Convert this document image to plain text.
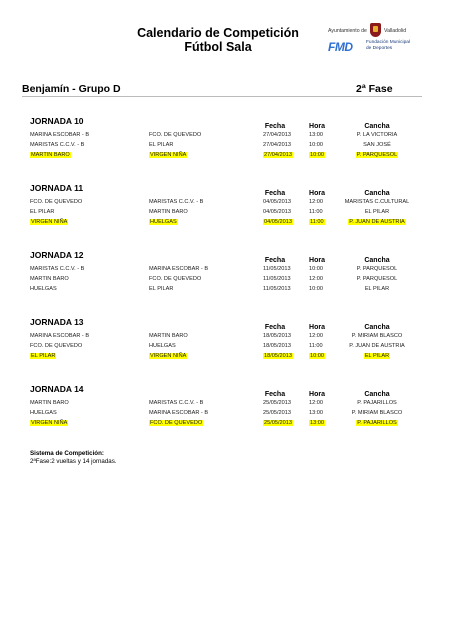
Calendario de Competición
Fútbol Sala
Ayuntamiento de	Valladolid
FMD	Fundación Municipal
de Deportes
Benjamín - Grupo D	2ª Fase
JORNADA 10
Fecha	Hora	Cancha
MARINA ESCOBAR - B	FCO. DE QUEVEDO	27/04/2013	13:00	P. LA VICTORIA
MARISTAS C.C.V. - B	EL PILAR	27/04/2013	10:00	SAN JOSÉ
MARTIN BARO	VIRGEN NIÑA	27/04/2013	10:00	P. PARQUESOL
JORNADA 11
Fecha	Hora	Cancha
FCO. DE QUEVEDO	MARISTAS C.C.V. - B	04/05/2013	12:00	MARISTAS C.CULTURAL
EL PILAR	MARTIN BARO	04/05/2013	11:00	EL PILAR
VIRGEN NIÑA	HUELGAS	04/05/2013	11:00	P. JUAN DE AUSTRIA
JORNADA 12
Fecha	Hora	Cancha
MARISTAS C.C.V. - B	MARINA ESCOBAR - B	11/05/2013	10:00	P. PARQUESOL
MARTIN BARO	FCO. DE QUEVEDO	11/05/2013	12:00	P. PARQUESOL
HUELGAS	EL PILAR	11/05/2013	10:00	EL PILAR
JORNADA 13
Fecha	Hora	Cancha
MARINA ESCOBAR - B	MARTIN BARO	18/05/2013	12:00	P. MIRIAM BLASCO
FCO. DE QUEVEDO	HUELGAS	18/05/2013	11:00	P. JUAN DE AUSTRIA
EL PILAR	VIRGEN NIÑA	18/05/2013	10:00	EL PILAR
JORNADA 14
Fecha	Hora	Cancha
MARTIN BARO	MARISTAS C.C.V. - B	25/05/2013	12:00	P. PAJARILLOS
HUELGAS	MARINA ESCOBAR - B	25/05/2013	13:00	P. MIRIAM BLASCO
VIRGEN NIÑA	FCO. DE QUEVEDO	25/05/2013	13:00	P. PAJARILLOS
Sistema de Competición:
2ªFase:2 vueltas y 14 jornadas.
